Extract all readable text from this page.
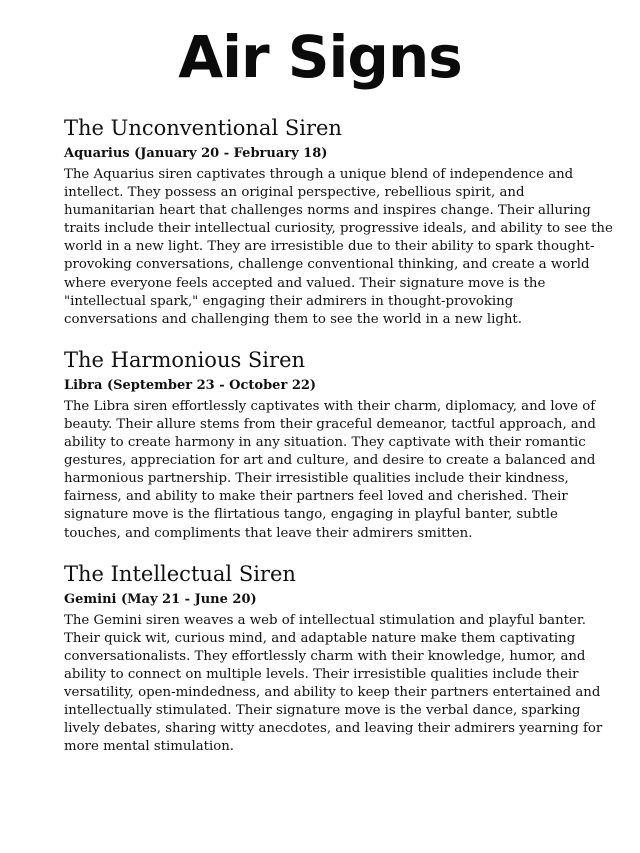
Air Signs
The Unconventional Siren
Aquarius (January 20 - February 18)

The Aquarius siren captivates through a unique blend of independence and
intellect. They possess an original perspective, rebellious spirit, and
humanitarian heart that challenges norms and inspires change. Their alluring
traits include their intellectual curiosity, progressive ideals, and ability to see the
world in a new light. They are irresistible due to their ability to spark thought-
provoking conversations, challenge conventional thinking, and create a world
where everyone feels accepted and valued. Their signature move is the
"intellectual spark," engaging their admirers in thought-provoking
conversations and challenging them to see the world in a new light.

The Harmonious Siren
Libra (September 23 - October 22)

The Libra siren effortlessly captivates with their charm, diplomacy, and love of
beauty. Their allure stems from their graceful demeanor, tactful approach, and
ability to create harmony in any situation. They captivate with their romantic
gestures, appreciation for art and culture, and desire to create a balanced and
harmonious partnership. Their irresistible qualities include their kindness,
fairness, and ability to make their partners feel loved and cherished. Their
signature move is the flirtatious tango, engaging in playful banter, subtle
touches, and compliments that leave their admirers smitten.

The Intellectual Siren
Gemini (May 21 - June 20)

The Gemini siren weaves a web of intellectual stimulation and playful banter.
Their quick wit, curious mind, and adaptable nature make them captivating
conversationalists. They effortlessly charm with their knowledge, humor, and
ability to connect on multiple levels. Their irresistible qualities include their
versatility, open-mindedness, and ability to keep their partners entertained and
intellectually stimulated. Their signature move is the verbal dance, sparking
lively debates, sharing witty anecdotes, and leaving their admirers yearning for
more mental stimulation.
